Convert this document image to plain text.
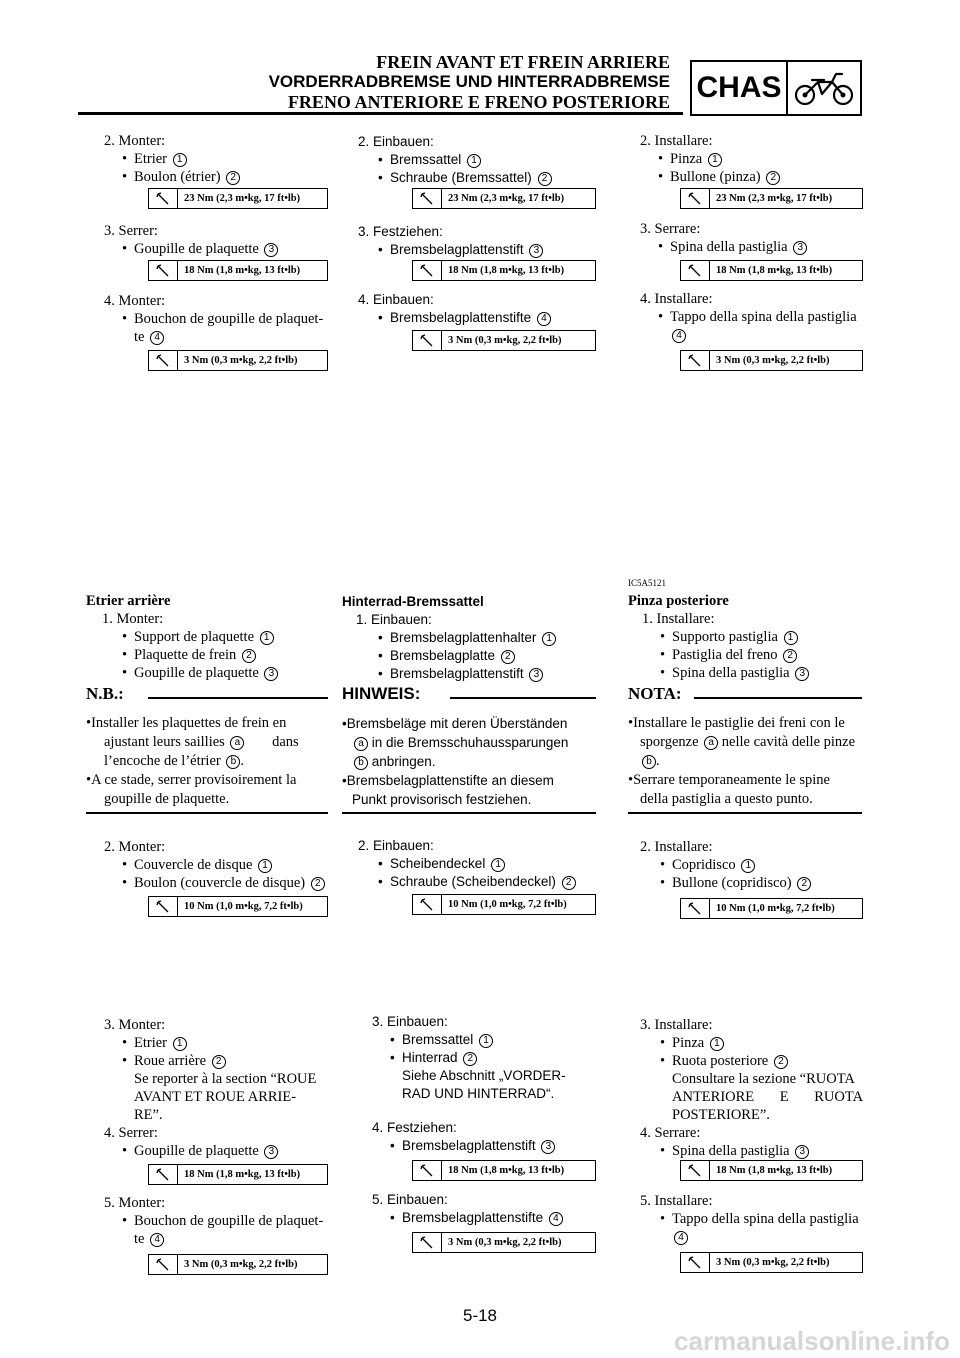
FREIN AVANT ET FREIN ARRIERE
VORDERRADBREMSE UND HINTERRADBREMSE
FRENO ANTERIORE E FRENO POSTERIORE CHAS
2. Monter:
• Etrier 1
• Boulon (étrier) 2
23 Nm (2,3 m•kg, 17 ft•lb)
3. Serrer:
• Goupille de plaquette 3
18 Nm (1,8 m•kg, 13 ft•lb)
4. Monter:
• Bouchon de goupille de plaquet-
te 4
3 Nm (0,3 m•kg, 2,2 ft•lb)
2. Einbauen:
• Bremssattel 1
• Schraube (Bremssattel) 2
23 Nm (2,3 m•kg, 17 ft•lb)
3. Festziehen:
• Bremsbelagplattenstift 3
18 Nm (1,8 m•kg, 13 ft•lb)
4. Einbauen:
• Bremsbelagplattenstifte 4
3 Nm (0,3 m•kg, 2,2 ft•lb)
2. Installare:
• Pinza 1
• Bullone (pinza) 2
23 Nm (2,3 m•kg, 17 ft•lb)
3. Serrare:
• Spina della pastiglia 3
18 Nm (1,8 m•kg, 13 ft•lb)
4. Installare:
• Tappo della spina della pastiglia
4
3 Nm (0,3 m•kg, 2,2 ft•lb)
Etrier arrière
1. Monter:
• Support de plaquette 1
• Plaquette de frein 2
• Goupille de plaquette 3
N.B.:
•Installer les plaquettes de frein en
ajustant leurs saillies a dans
l’encoche de l’étrier b .
•A ce stade, serrer provisoirement la
goupille de plaquette.
2. Monter:
• Couvercle de disque 1
• Boulon (couvercle de disque) 2
10 Nm (1,0 m•kg, 7,2 ft•lb)
3. Monter:
• Etrier 1
• Roue arrière 2
Se reporter à la section “ROUE
AVANT ET ROUE ARRIE-
RE”.
4. Serrer:
• Goupille de plaquette 3
18 Nm (1,8 m•kg, 13 ft•lb)
5. Monter:
• Bouchon de goupille de plaquet-
te 4
3 Nm (0,3 m•kg, 2,2 ft•lb)
Hinterrad-Bremssattel
1. Einbauen:
• Bremsbelagplattenhalter 1
• Bremsbelagplatte 2
• Bremsbelagplattenstift 3
HINWEIS:
•Bremsbeläge mit deren Überständen
a in die Bremsschuhaussparungen
b anbringen.
•Bremsbelagplattenstifte an diesem
Punkt provisorisch festziehen.
2. Einbauen:
• Scheibendeckel 1
• Schraube (Scheibendeckel) 2
10 Nm (1,0 m•kg, 7,2 ft•lb)
3. Einbauen:
• Bremssattel 1
• Hinterrad 2
Siehe Abschnitt „VORDER-
RAD UND HINTERRAD“.
4. Festziehen:
• Bremsbelagplattenstift 3
18 Nm (1,8 m•kg, 13 ft•lb)
5. Einbauen:
• Bremsbelagplattenstifte 4
3 Nm (0,3 m•kg, 2,2 ft•lb)
IC5A5121
Pinza posteriore
1. Installare:
• Supporto pastiglia 1
• Pastiglia del freno 2
• Spina della pastiglia 3
NOTA:
•Installare le pastiglie dei freni con le
sporgenze a nelle cavità delle pinze
b .
•Serrare temporaneamente le spine
della pastiglia a questo punto.
2. Installare:
• Copridisco 1
• Bullone (copridisco) 2
10 Nm (1,0 m•kg, 7,2 ft•lb)
3. Installare:
• Pinza 1
• Ruota posteriore 2
Consultare la sezione “RUOTA
ANTERIORE E RUOTA
POSTERIORE”.
4. Serrare:
• Spina della pastiglia 3
18 Nm (1,8 m•kg, 13 ft•lb)
5. Installare:
• Tappo della spina della pastiglia
4
3 Nm (0,3 m•kg, 2,2 ft•lb)
5-18
carmanualsonline.info
